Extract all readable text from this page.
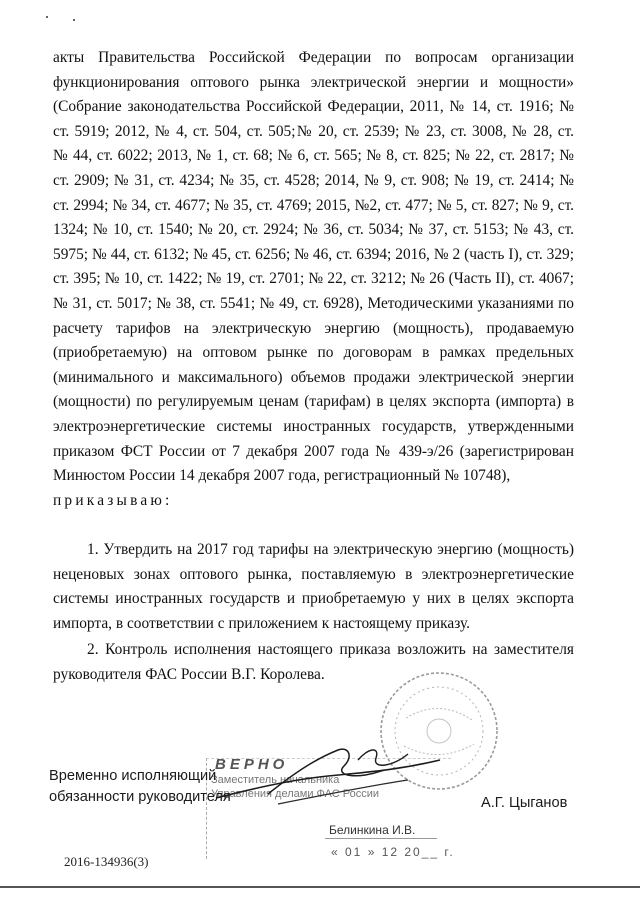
акты Правительства Российской Федерации по вопросам организации
функционирования оптового рынка электрической энергии и мощности»
(Собрание законодательства Российской Федерации, 2011, № 14, ст. 1916; №
ст. 5919; 2012, № 4, ст. 504, ст. 505;№ 20, ст. 2539; № 23, ст. 3008, № 28, ст.
№ 44, ст. 6022; 2013, № 1, ст. 68; № 6, ст. 565; № 8, ст. 825; № 22, ст. 2817; №
ст. 2909; № 31, ст. 4234; № 35, ст. 4528; 2014, № 9, ст. 908; № 19, ст. 2414; №
ст. 2994; № 34, ст. 4677; № 35, ст. 4769; 2015, №2, ст. 477; № 5, ст. 827; № 9, ст.
1324; № 10, ст. 1540; № 20, ст. 2924; № 36, ст. 5034; № 37, ст. 5153; № 43, ст.
5975; № 44, ст. 6132; № 45, ст. 6256; № 46, ст. 6394; 2016, № 2 (часть I), ст. 329;
ст. 395; № 10, ст. 1422; № 19, ст. 2701; № 22, ст. 3212; № 26 (Часть II), ст. 4067;
№ 31, ст. 5017; № 38, ст. 5541; № 49, ст. 6928), Методическими указаниями по
расчету тарифов на электрическую энергию (мощность), продаваемую
(приобретаемую) на оптовом рынке по договорам в рамках предельных
(минимального и максимального) объемов продажи электрической энергии
(мощности) по регулируемым ценам (тарифам) в целях экспорта (импорта) в
электроэнергетические системы иностранных государств, утвержденными
приказом ФСТ России от 7 декабря 2007 года № 439-э/26 (зарегистрирован
Минюстом России 14 декабря 2007 года, регистрационный № 10748),
приказываю:
1. Утвердить на 2017 год тарифы на электрическую энергию (мощность)
неценовых зонах оптового рынка, поставляемую в электроэнергетические
системы иностранных государств и приобретаемую у них в целях экспорта
импорта, в соответствии с приложением к настоящему приказу.
2. Контроль исполнения настоящего приказа возложить на заместителя
руководителя ФАС России В.Г. Королева.
ВЕРНО
Заместитель начальника
Управления делами ФАС России
Белинкина И.В.
« 01 » 12 20__ г.
Временно исполняющий
обязанности руководителя	А.Г. Цыганов
2016-134936(3)
